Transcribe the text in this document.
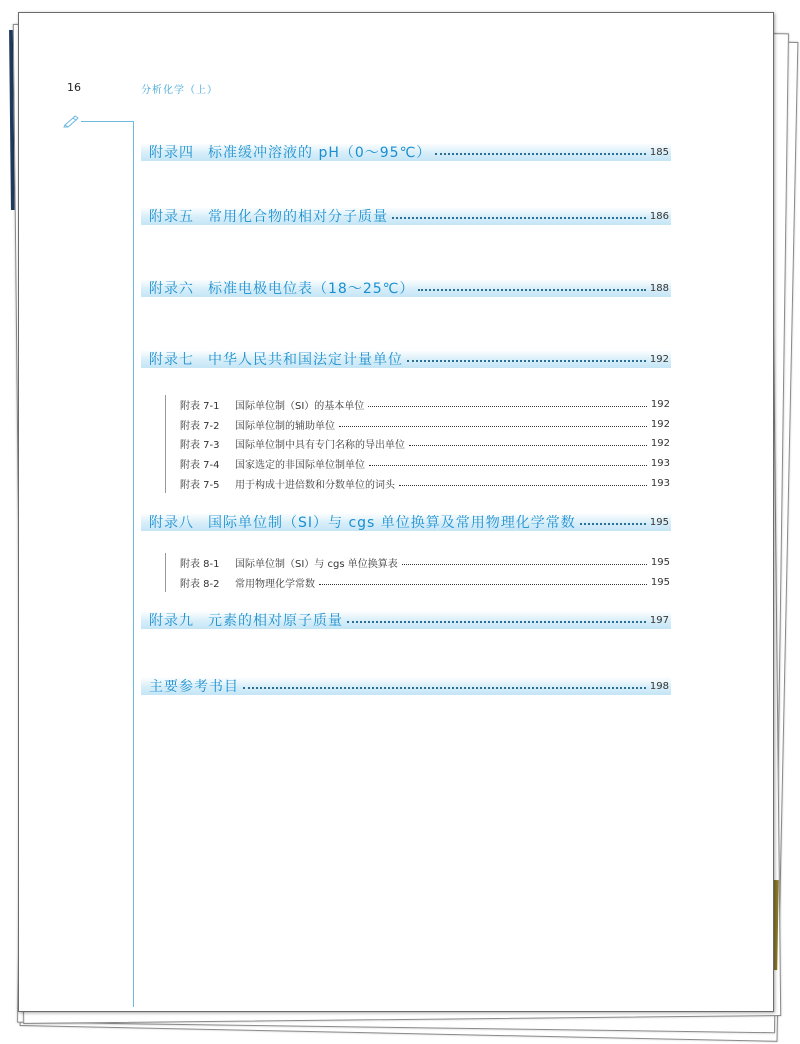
16	分析化学（上）
附录四 标准缓冲溶液的 pH（0～95℃）	185
附录五 常用化合物的相对分子质量	186
附录六 标准电极电位表（18～25℃）	188
附录七 中华人民共和国法定计量单位	192
附表 7-1	国际单位制（SI）的基本单位	192
附表 7-2	国际单位制的辅助单位	192
附表 7-3	国际单位制中具有专门名称的导出单位	192
附表 7-4	国家选定的非国际单位制单位	193
附表 7-5	用于构成十进倍数和分数单位的词头	193
附录八 国际单位制（SI）与 cgs 单位换算及常用物理化学常数	195
附表 8-1	国际单位制（SI）与 cgs 单位换算表	195
附表 8-2	常用物理化学常数	195
附录九 元素的相对原子质量	197
主要参考书目	198
